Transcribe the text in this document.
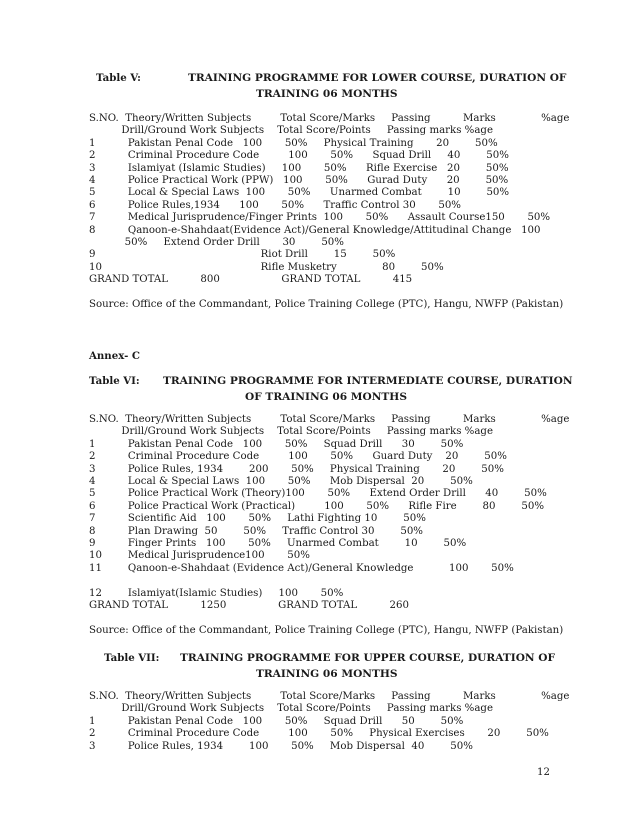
Table V:	TRAINING PROGRAMME FOR LOWER COURSE, DURATION OF
TRAINING 06 MONTHS
S.NO.  Theory/Written Subjects         Total Score/Marks     Passing          Marks              %age
Drill/Ground Work Subjects    Total Score/Points     Passing marks %age
1          Pakistan Penal Code   100       50%     Physical Training       20        50%
2          Criminal Procedure Code         100       50%      Squad Drill     40        50%
3          Islamiyat (Islamic Studies)     100       50%      Rifle Exercise   20        50%
4          Police Practical Work (PPW)   100       50%      Gurad Duty      20        50%
5          Local & Special Laws  100       50%      Unarmed Combat        10        50%
6          Police Rules,1934      100       50%      Traffic Control 30       50%
7          Medical Jurisprudence/Finger Prints  100       50%      Assault Course150       50%
8          Qanoon-e-Shahdaat(Evidence Act)/General Knowledge/Attitudinal Change   100
50%     Extend Order Drill       30        50%
9                                                   Riot Drill        15        50%
10                                                 Rifle Musketry              80        50%
GRAND TOTAL          800                   GRAND TOTAL          415
Source: Office of the Commandant, Police Training College (PTC), Hangu, NWFP (Pakistan)
Annex- C
Table VI: TRAINING PROGRAMME FOR INTERMEDIATE COURSE, DURATION
OF TRAINING 06 MONTHS
S.NO.  Theory/Written Subjects         Total Score/Marks     Passing          Marks              %age
Drill/Ground Work Subjects    Total Score/Points     Passing marks %age
1          Pakistan Penal Code   100       50%     Squad Drill      30        50%
2          Criminal Procedure Code         100       50%      Guard Duty    20        50%
3          Police Rules, 1934        200       50%     Physical Training       20        50%
4          Local & Special Laws  100       50%      Mob Dispersal  20        50%
5          Police Practical Work (Theory)100       50%      Extend Order Drill      40        50%
6          Police Practical Work (Practical)         100       50%      Rifle Fire        80        50%
7          Scientific Aid   100       50%     Lathi Fighting 10        50%
8          Plan Drawing  50        50%     Traffic Control 30        50%
9          Finger Prints   100       50%     Unarmed Combat        10        50%
10        Medical Jurisprudence100       50%
11        Qanoon-e-Shahdaat (Evidence Act)/General Knowledge           100       50%
12        Islamiyat(Islamic Studies)     100       50%
GRAND TOTAL          1250                GRAND TOTAL          260
Source: Office of the Commandant, Police Training College (PTC), Hangu, NWFP (Pakistan)
Table VII: TRAINING PROGRAMME FOR UPPER COURSE, DURATION OF
TRAINING 06 MONTHS
S.NO.  Theory/Written Subjects         Total Score/Marks     Passing          Marks              %age
Drill/Ground Work Subjects    Total Score/Points     Passing marks %age
1          Pakistan Penal Code   100       50%     Squad Drill      50        50%
2          Criminal Procedure Code         100       50%     Physical Exercises       20        50%
3          Police Rules, 1934        100       50%     Mob Dispersal  40        50%
12
